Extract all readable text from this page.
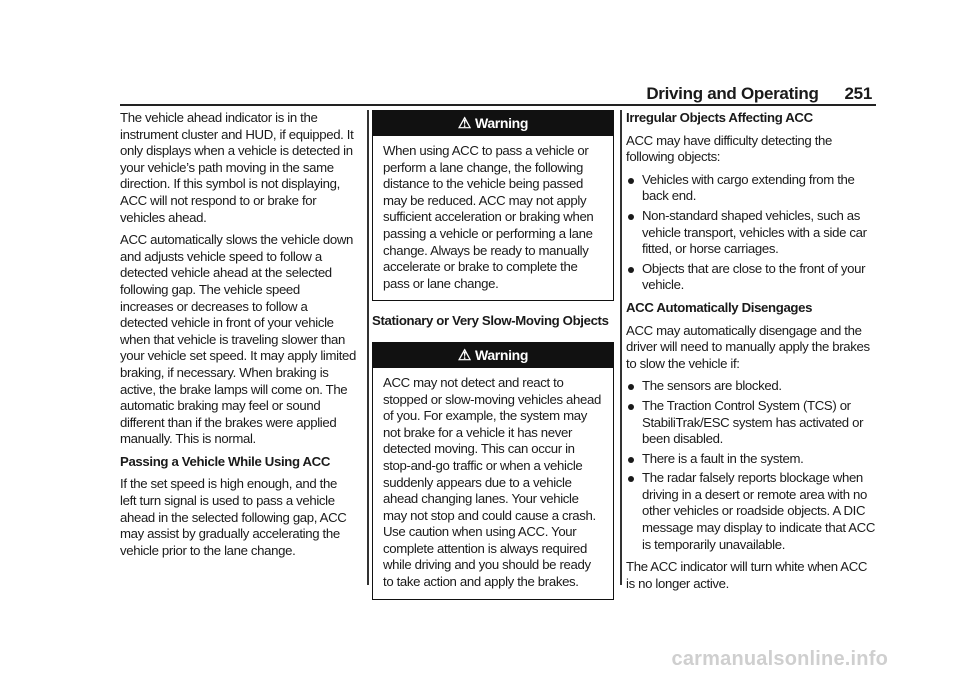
Driving and Operating 251

The vehicle ahead indicator is in the instrument cluster and HUD, if equipped. It only displays when a vehicle is detected in your vehicle’s path moving in the same direction. If this symbol is not displaying, ACC will not respond to or brake for vehicles ahead.

ACC automatically slows the vehicle down and adjusts vehicle speed to follow a detected vehicle ahead at the selected following gap. The vehicle speed increases or decreases to follow a detected vehicle in front of your vehicle when that vehicle is traveling slower than your vehicle set speed. It may apply limited braking, if necessary. When braking is active, the brake lamps will come on. The automatic braking may feel or sound different than if the brakes were applied manually. This is normal.

Passing a Vehicle While Using ACC

If the set speed is high enough, and the left turn signal is used to pass a vehicle ahead in the selected following gap, ACC may assist by gradually accelerating the vehicle prior to the lane change.

⚠ Warning
When using ACC to pass a vehicle or perform a lane change, the following distance to the vehicle being passed may be reduced. ACC may not apply sufficient acceleration or braking when passing a vehicle or performing a lane change. Always be ready to manually accelerate or brake to complete the pass or lane change.

Stationary or Very Slow-Moving Objects

⚠ Warning
ACC may not detect and react to stopped or slow-moving vehicles ahead of you. For example, the system may not brake for a vehicle it has never detected moving. This can occur in stop-and-go traffic or when a vehicle suddenly appears due to a vehicle ahead changing lanes. Your vehicle may not stop and could cause a crash. Use caution when using ACC. Your complete attention is always required while driving and you should be ready to take action and apply the brakes.

Irregular Objects Affecting ACC

ACC may have difficulty detecting the following objects:

Vehicles with cargo extending from the back end.
Non-standard shaped vehicles, such as vehicle transport, vehicles with a side car fitted, or horse carriages.
Objects that are close to the front of your vehicle.

ACC Automatically Disengages

ACC may automatically disengage and the driver will need to manually apply the brakes to slow the vehicle if:

The sensors are blocked.
The Traction Control System (TCS) or StabiliTrak/ESC system has activated or been disabled.
There is a fault in the system.
The radar falsely reports blockage when driving in a desert or remote area with no other vehicles or roadside objects. A DIC message may display to indicate that ACC is temporarily unavailable.

The ACC indicator will turn white when ACC is no longer active.

carmanualsonline.info
